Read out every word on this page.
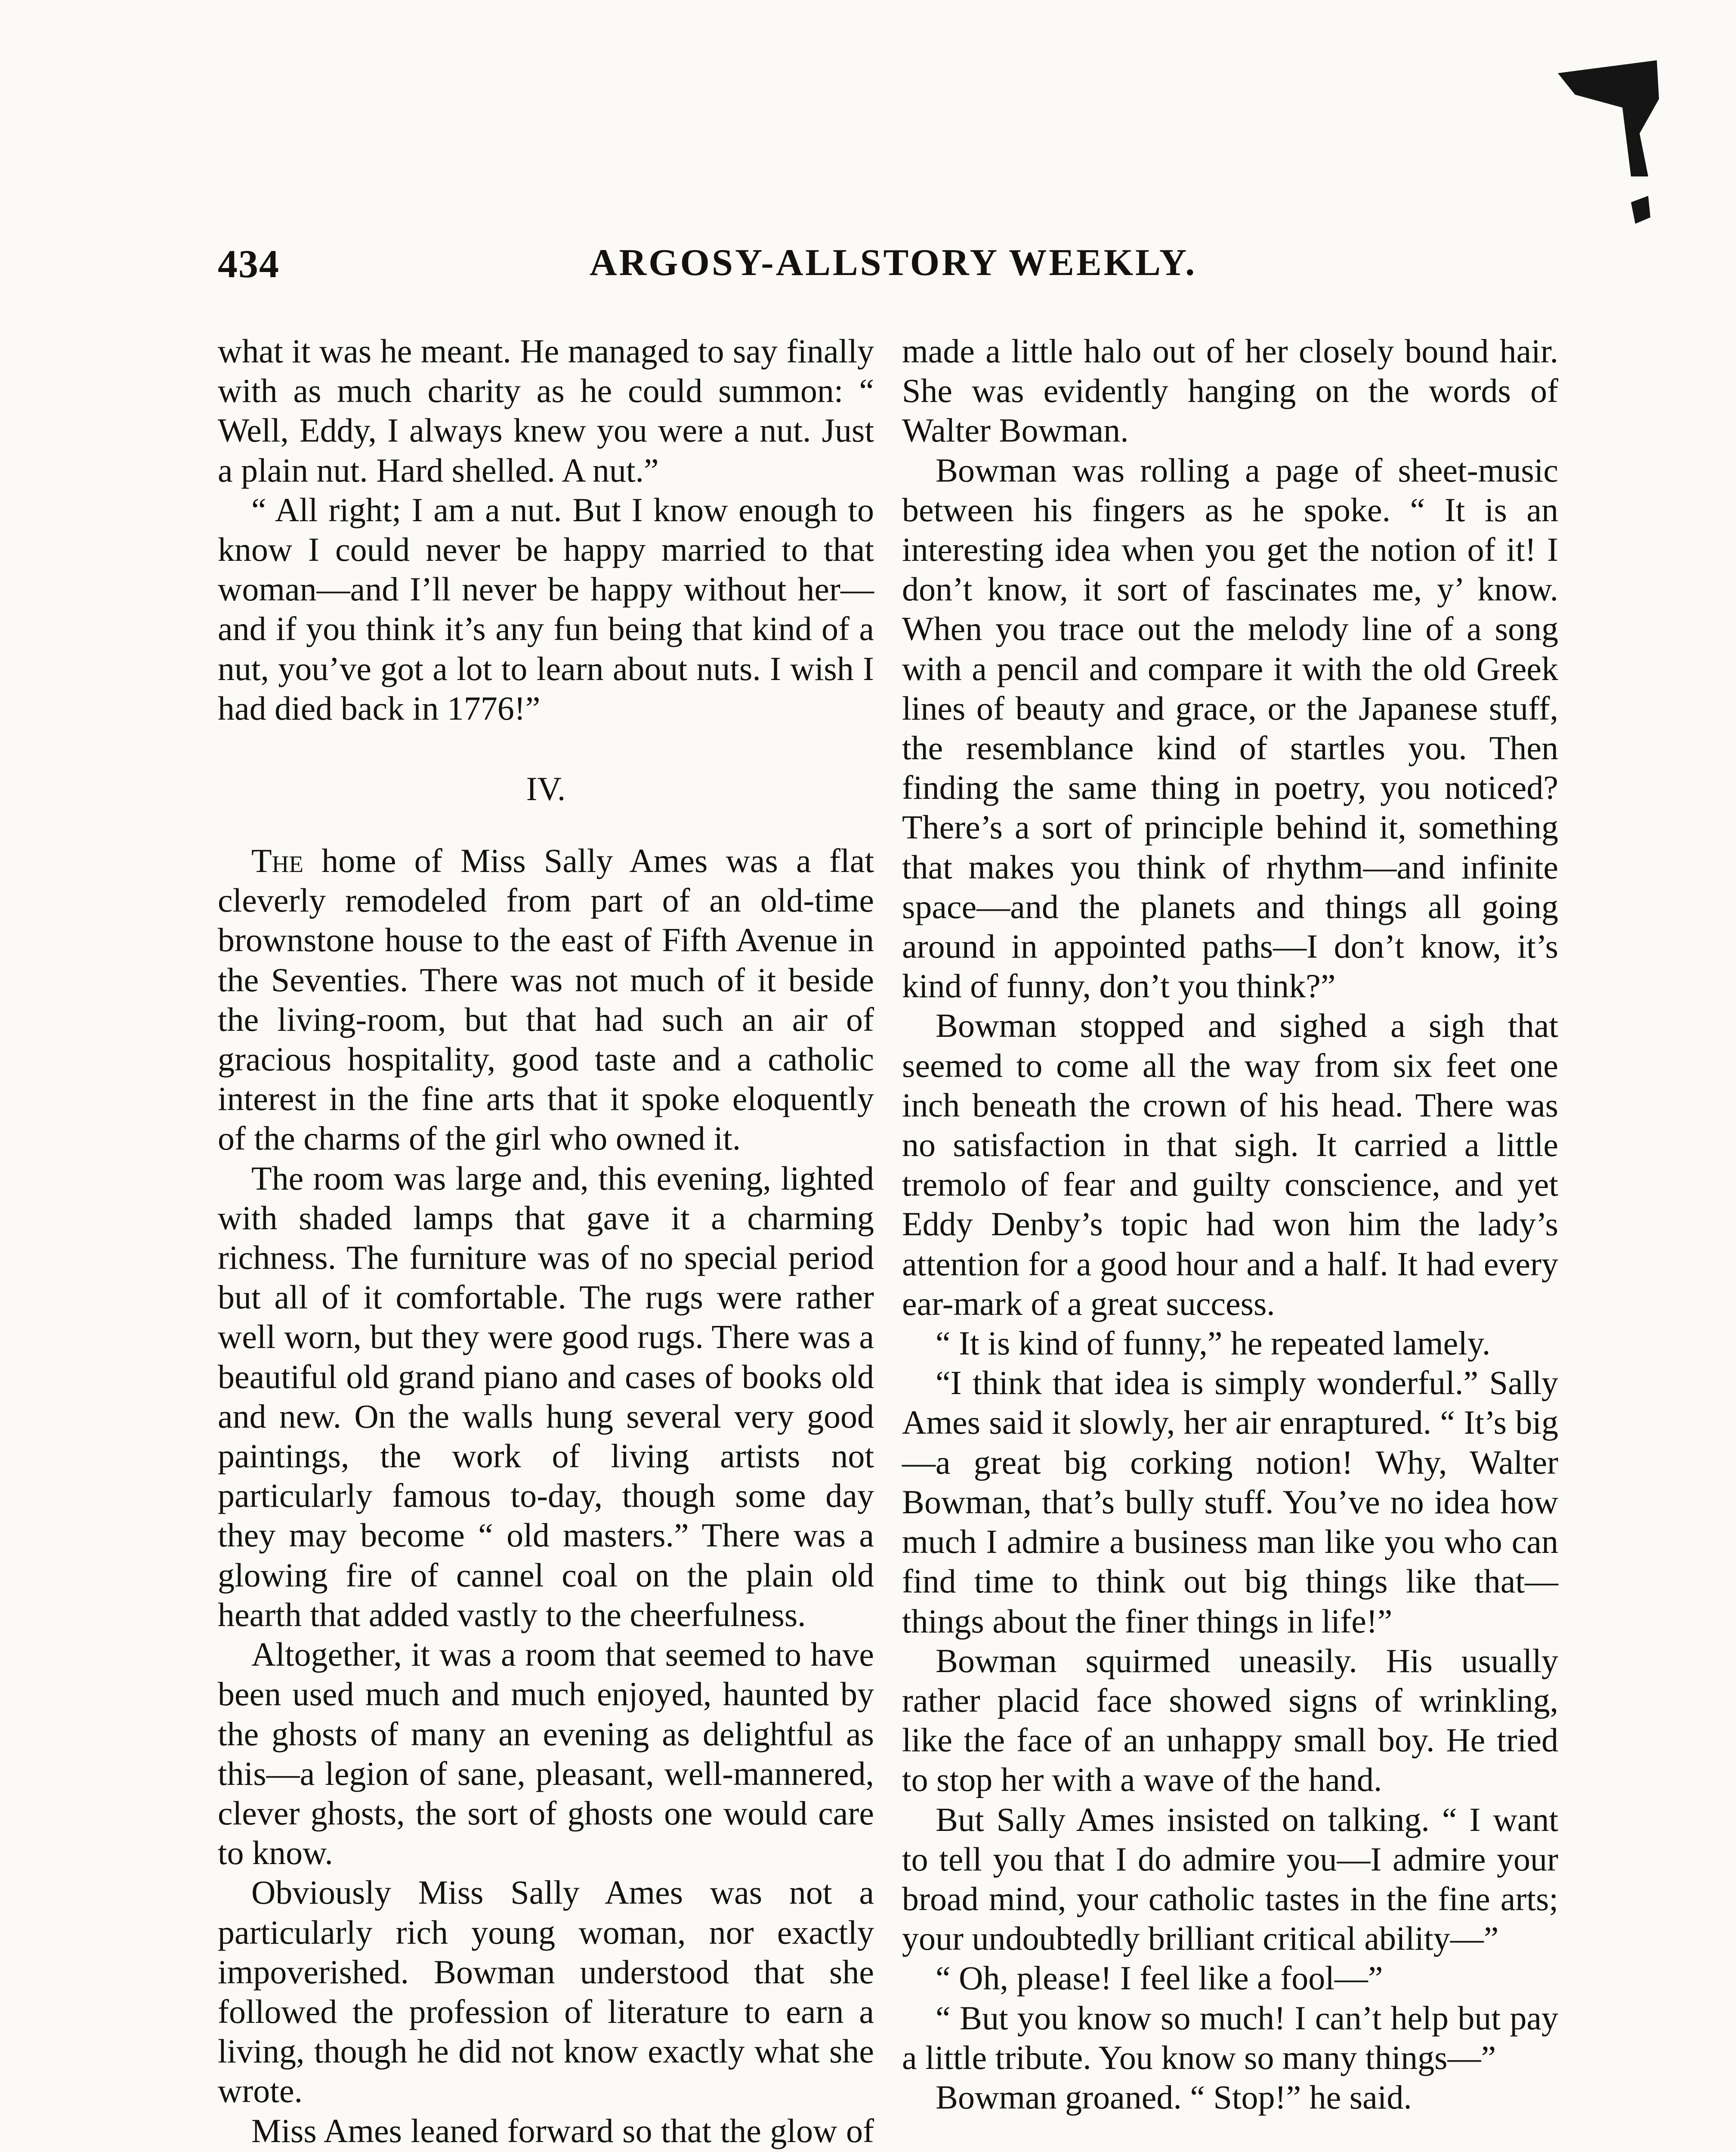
434	ARGOSY-ALLSTORY WEEKLY.

what it was he meant. He managed to say finally with as much charity as he could summon: “ Well, Eddy, I always knew you were a nut. Just a plain nut. Hard shelled. A nut.”

“ All right; I am a nut. But I know enough to know I could never be happy married to that woman—and I’ll never be happy without her—and if you think it’s any fun being that kind of a nut, you’ve got a lot to learn about nuts. I wish I had died back in 1776!”

IV.

The home of Miss Sally Ames was a flat cleverly remodeled from part of an old-time brownstone house to the east of Fifth Avenue in the Seventies. There was not much of it beside the living-room, but that had such an air of gracious hospitality, good taste and a catholic interest in the fine arts that it spoke eloquently of the charms of the girl who owned it.

The room was large and, this evening, lighted with shaded lamps that gave it a charming richness. The furniture was of no special period but all of it comfortable. The rugs were rather well worn, but they were good rugs. There was a beautiful old grand piano and cases of books old and new. On the walls hung several very good paintings, the work of living artists not particularly famous to-day, though some day they may become “ old masters.” There was a glowing fire of cannel coal on the plain old hearth that added vastly to the cheerfulness.

Altogether, it was a room that seemed to have been used much and much enjoyed, haunted by the ghosts of many an evening as delightful as this—a legion of sane, pleasant, well-mannered, clever ghosts, the sort of ghosts one would care to know.

Obviously Miss Sally Ames was not a particularly rich young woman, nor exactly impoverished. Bowman understood that she followed the profession of literature to earn a living, though he did not know exactly what she wrote.

Miss Ames leaned forward so that the glow of

made a little halo out of her closely bound hair. She was evidently hanging on the words of Walter Bowman.

Bowman was rolling a page of sheet-music between his fingers as he spoke. “ It is an interesting idea when you get the notion of it! I don’t know, it sort of fascinates me, y’ know. When you trace out the melody line of a song with a pencil and compare it with the old Greek lines of beauty and grace, or the Japanese stuff, the resemblance kind of startles you. Then finding the same thing in poetry, you noticed? There’s a sort of principle behind it, something that makes you think of rhythm—and infinite space—and the planets and things all going around in appointed paths—I don’t know, it’s kind of funny, don’t you think?”

Bowman stopped and sighed a sigh that seemed to come all the way from six feet one inch beneath the crown of his head. There was no satisfaction in that sigh. It carried a little tremolo of fear and guilty conscience, and yet Eddy Denby’s topic had won him the lady’s attention for a good hour and a half. It had every ear-mark of a great success.

“ It is kind of funny,” he repeated lamely.

“I think that idea is simply wonderful.” Sally Ames said it slowly, her air enraptured. “ It’s big—a great big corking notion! Why, Walter Bowman, that’s bully stuff. You’ve no idea how much I admire a business man like you who can find time to think out big things like that—things about the finer things in life!”

Bowman squirmed uneasily. His usually rather placid face showed signs of wrinkling, like the face of an unhappy small boy. He tried to stop her with a wave of the hand.

But Sally Ames insisted on talking. “ I want to tell you that I do admire you—I admire your broad mind, your catholic tastes in the fine arts; your undoubtedly brilliant critical ability—”

“ Oh, please! I feel like a fool—”

“ But you know so much! I can’t help but pay a little tribute. You know so many things—”

Bowman groaned. “ Stop!” he said.
